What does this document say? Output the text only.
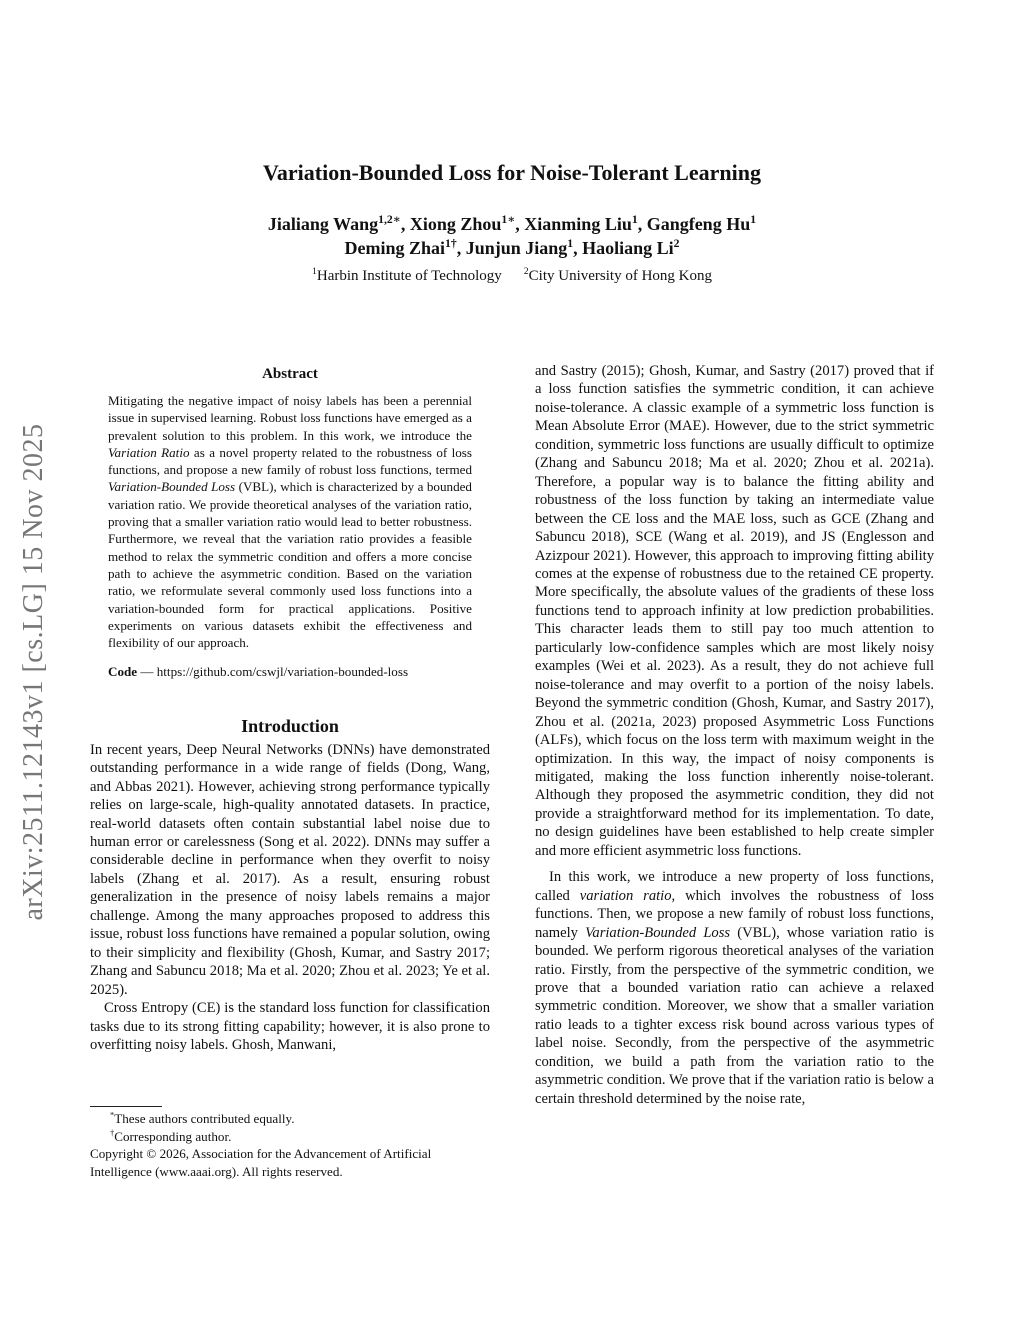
Variation-Bounded Loss for Noise-Tolerant Learning
Jialiang Wang$^{1,2∗}$, Xiong Zhou$^{1∗}$, Xianming Liu$^1$, Gangfeng Hu$^1$
Deming Zhai$^{1\dagger}$, Junjun Jiang$^1$, Haoliang Li$^2$
$^1$Harbin Institute of Technology $^2$City University of Hong Kong
arXiv:2511.12143v1 [cs.LG] 15 Nov 2025
Abstract

Mitigating the negative impact of noisy labels has been a perennial issue in supervised learning. Robust loss functions have emerged as a prevalent solution to this problem. In this work, we introduce the Variation Ratio as a novel property related to the robustness of loss functions, and propose a new family of robust loss functions, termed Variation-Bounded Loss (VBL), which is characterized by a bounded variation ratio. We provide theoretical analyses of the variation ratio, proving that a smaller variation ratio would lead to better robustness. Furthermore, we reveal that the variation ratio provides a feasible method to relax the symmetric condition and offers a more concise path to achieve the asymmetric condition. Based on the variation ratio, we reformulate several commonly used loss functions into a variation-bounded form for practical applications. Positive experiments on various datasets exhibit the effectiveness and flexibility of our approach.

Code — https://github.com/cswjl/variation-bounded-loss

Introduction

In recent years, Deep Neural Networks (DNNs) have demonstrated outstanding performance in a wide range of fields (Dong, Wang, and Abbas 2021). However, achieving strong performance typically relies on large-scale, high-quality annotated datasets. In practice, real-world datasets often contain substantial label noise due to human error or carelessness (Song et al. 2022). DNNs may suffer a considerable decline in performance when they overfit to noisy labels (Zhang et al. 2017). As a result, ensuring robust generalization in the presence of noisy labels remains a major challenge. Among the many approaches proposed to address this issue, robust loss functions have remained a popular solution, owing to their simplicity and flexibility (Ghosh, Kumar, and Sastry 2017; Zhang and Sabuncu 2018; Ma et al. 2020; Zhou et al. 2023; Ye et al. 2025).

Cross Entropy (CE) is the standard loss function for classification tasks due to its strong fitting capability; however, it is also prone to overfitting noisy labels. Ghosh, Manwani,

*These authors contributed equally.
†Corresponding author.
Copyright © 2026, Association for the Advancement of Artificial Intelligence (www.aaai.org). All rights reserved.

and Sastry (2015); Ghosh, Kumar, and Sastry (2017) proved that if a loss function satisfies the symmetric condition, it can achieve noise-tolerance. A classic example of a symmetric loss function is Mean Absolute Error (MAE). However, due to the strict symmetric condition, symmetric loss functions are usually difficult to optimize (Zhang and Sabuncu 2018; Ma et al. 2020; Zhou et al. 2021a). Therefore, a popular way is to balance the fitting ability and robustness of the loss function by taking an intermediate value between the CE loss and the MAE loss, such as GCE (Zhang and Sabuncu 2018), SCE (Wang et al. 2019), and JS (Englesson and Azizpour 2021). However, this approach to improving fitting ability comes at the expense of robustness due to the retained CE property. More specifically, the absolute values of the gradients of these loss functions tend to approach infinity at low prediction probabilities. This character leads them to still pay too much attention to particularly low-confidence samples which are most likely noisy examples (Wei et al. 2023). As a result, they do not achieve full noise-tolerance and may overfit to a portion of the noisy labels. Beyond the symmetric condition (Ghosh, Kumar, and Sastry 2017), Zhou et al. (2021a, 2023) proposed Asymmetric Loss Functions (ALFs), which focus on the loss term with maximum weight in the optimization. In this way, the impact of noisy components is mitigated, making the loss function inherently noise-tolerant. Although they proposed the asymmetric condition, they did not provide a straightforward method for its implementation. To date, no design guidelines have been established to help create simpler and more efficient asymmetric loss functions.

In this work, we introduce a new property of loss functions, called variation ratio, which involves the robustness of loss functions. Then, we propose a new family of robust loss functions, namely Variation-Bounded Loss (VBL), whose variation ratio is bounded. We perform rigorous theoretical analyses of the variation ratio. Firstly, from the perspective of the symmetric condition, we prove that a bounded variation ratio can achieve a relaxed symmetric condition. Moreover, we show that a smaller variation ratio leads to a tighter excess risk bound across various types of label noise. Secondly, from the perspective of the asymmetric condition, we build a path from the variation ratio to the asymmetric condition. We prove that if the variation ratio is below a certain threshold determined by the noise rate,
